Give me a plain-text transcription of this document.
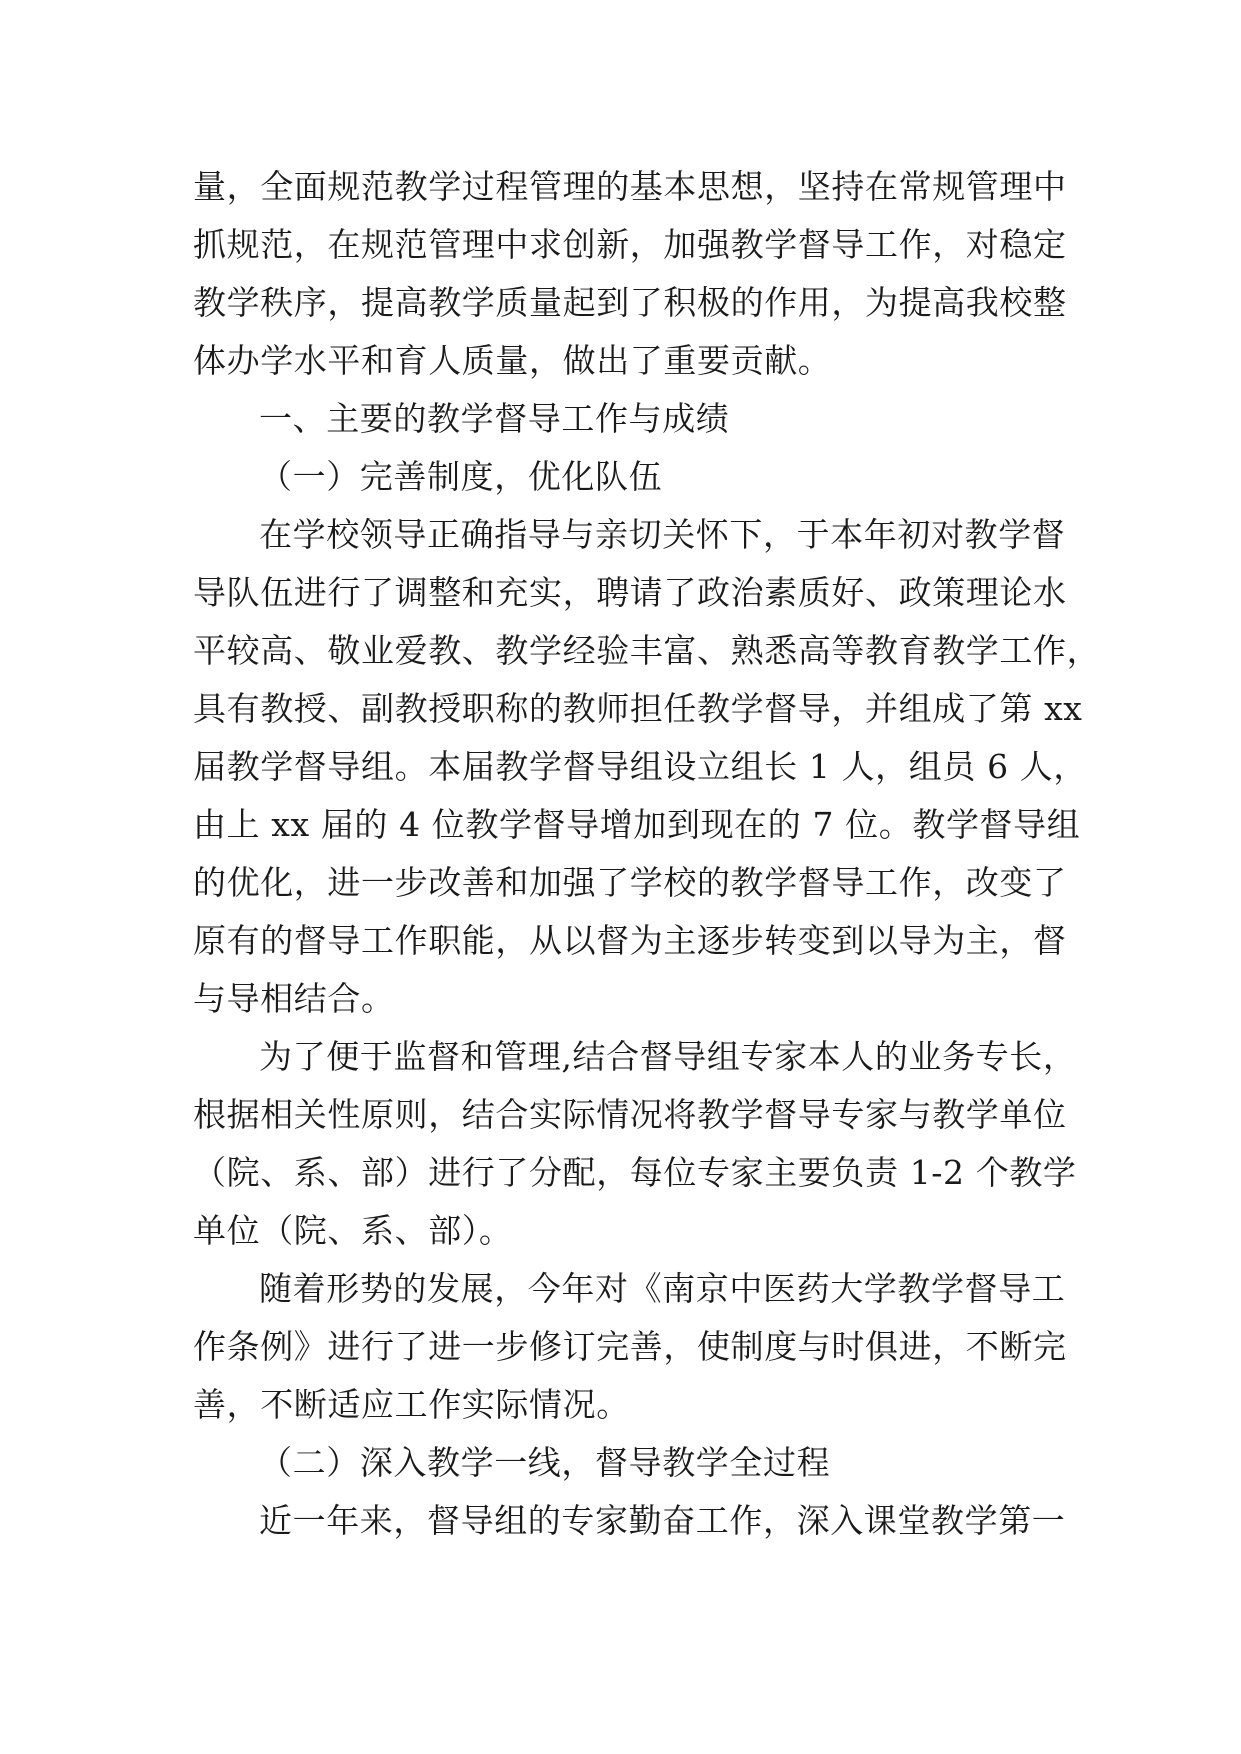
量，全面规范教学过程管理的基本思想，坚持在常规管理中
抓规范，在规范管理中求创新，加强教学督导工作，对稳定
教学秩序，提高教学质量起到了积极的作用，为提高我校整
体办学水平和育人质量，做出了重要贡献。
一、主要的教学督导工作与成绩
（一）完善制度，优化队伍
在学校领导正确指导与亲切关怀下，于本年初对教学督
导队伍进行了调整和充实，聘请了政治素质好、政策理论水
平较高、敬业爱教、教学经验丰富、熟悉高等教育教学工作，
具有教授、副教授职称的教师担任教学督导，并组成了第 xx
届教学督导组。本届教学督导组设立组长 1 人，组员 6 人，
由上 xx 届的 4 位教学督导增加到现在的 7 位。教学督导组
的优化，进一步改善和加强了学校的教学督导工作，改变了
原有的督导工作职能，从以督为主逐步转变到以导为主，督
与导相结合。
为了便于监督和管理,结合督导组专家本人的业务专长，
根据相关性原则，结合实际情况将教学督导专家与教学单位
（院、系、部）进行了分配，每位专家主要负责 1-2 个教学
单位（院、系、部）。
随着形势的发展，今年对《南京中医药大学教学督导工
作条例》进行了进一步修订完善，使制度与时俱进，不断完
善，不断适应工作实际情况。
（二）深入教学一线，督导教学全过程
近一年来，督导组的专家勤奋工作，深入课堂教学第一
